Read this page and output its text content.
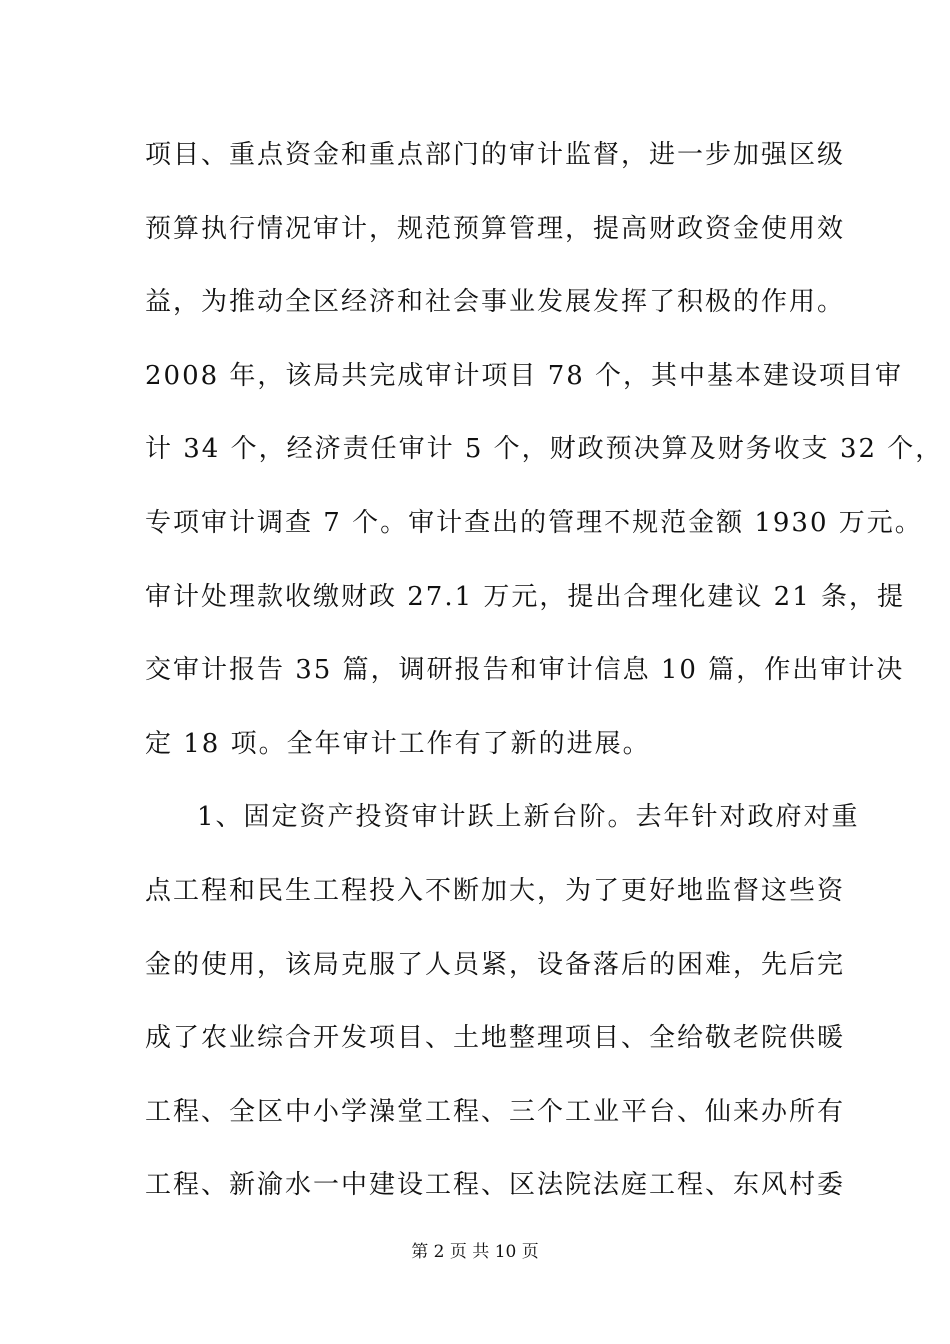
项目、重点资金和重点部门的审计监督，进一步加强区级
预算执行情况审计，规范预算管理，提高财政资金使用效
益，为推动全区经济和社会事业发展发挥了积极的作用。
2008 年，该局共完成审计项目 78 个，其中基本建设项目审
计 34 个，经济责任审计 5 个，财政预决算及财务收支 32 个，
专项审计调查 7 个。审计查出的管理不规范金额 1930 万元。
审计处理款收缴财政 27.1 万元，提出合理化建议 21 条，提
交审计报告 35 篇，调研报告和审计信息 10 篇，作出审计决
定 18 项。全年审计工作有了新的进展。
1、固定资产投资审计跃上新台阶。去年针对政府对重
点工程和民生工程投入不断加大，为了更好地监督这些资
金的使用，该局克服了人员紧，设备落后的困难，先后完
成了农业综合开发项目、土地整理项目、全给敬老院供暖
工程、全区中小学澡堂工程、三个工业平台、仙来办所有
工程、新渝水一中建设工程、区法院法庭工程、东风村委
第 2 页 共 10 页
